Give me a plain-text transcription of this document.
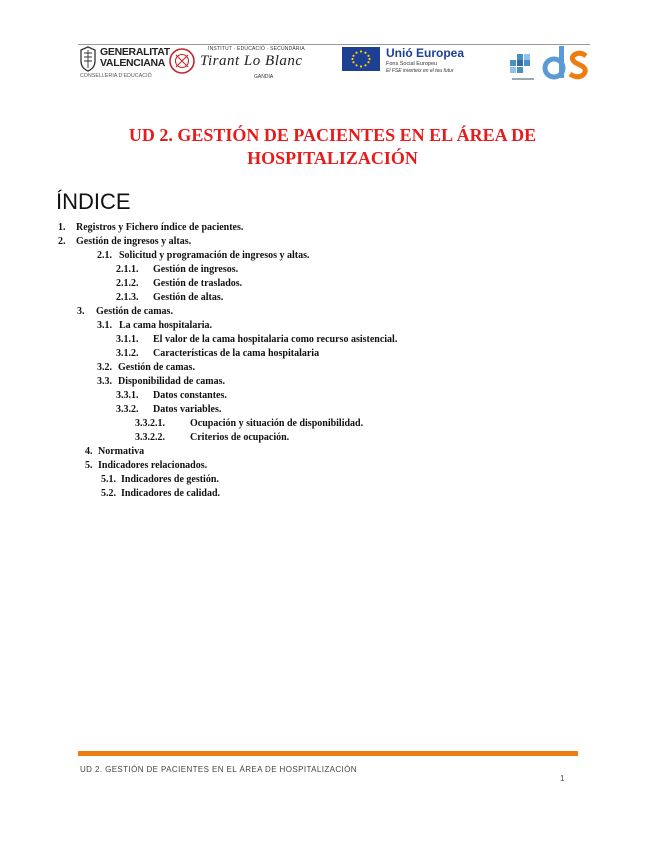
GENERALITAT
VALENCIANA
CONSELLERIA D'EDUCACIÓ
INSTITUT · EDUCACIÓ · SECUNDÀRIA
Tirant Lo Blanc
GANDIA
Unió Europea
Fons Social Europeu
El FSE inverteix en el teu futur
UD 2. GESTIÓN DE PACIENTES EN EL ÁREA DE
HOSPITALIZACIÓN
ÍNDICE
1. Registros y Fichero índice de pacientes.
2. Gestión de ingresos y altas.
2.1. Solicitud y programación de ingresos y altas.
2.1.1. Gestión de ingresos.
2.1.2. Gestión de traslados.
2.1.3. Gestión de altas.
3. Gestión de camas.
3.1. La cama hospitalaria.
3.1.1. El valor de la cama hospitalaria como recurso asistencial.
3.1.2. Características de la cama hospitalaria
3.2. Gestión de camas.
3.3. Disponibilidad de camas.
3.3.1. Datos constantes.
3.3.2. Datos variables.
3.3.2.1.	Ocupación y situación de disponibilidad.
3.3.2.2.	Criterios de ocupación.
4. Normativa
5. Indicadores relacionados.
5.1. Indicadores de gestión.
5.2. Indicadores de calidad.
UD 2. GESTIÓN DE PACIENTES EN EL ÁREA DE HOSPITALIZACIÓN
1
